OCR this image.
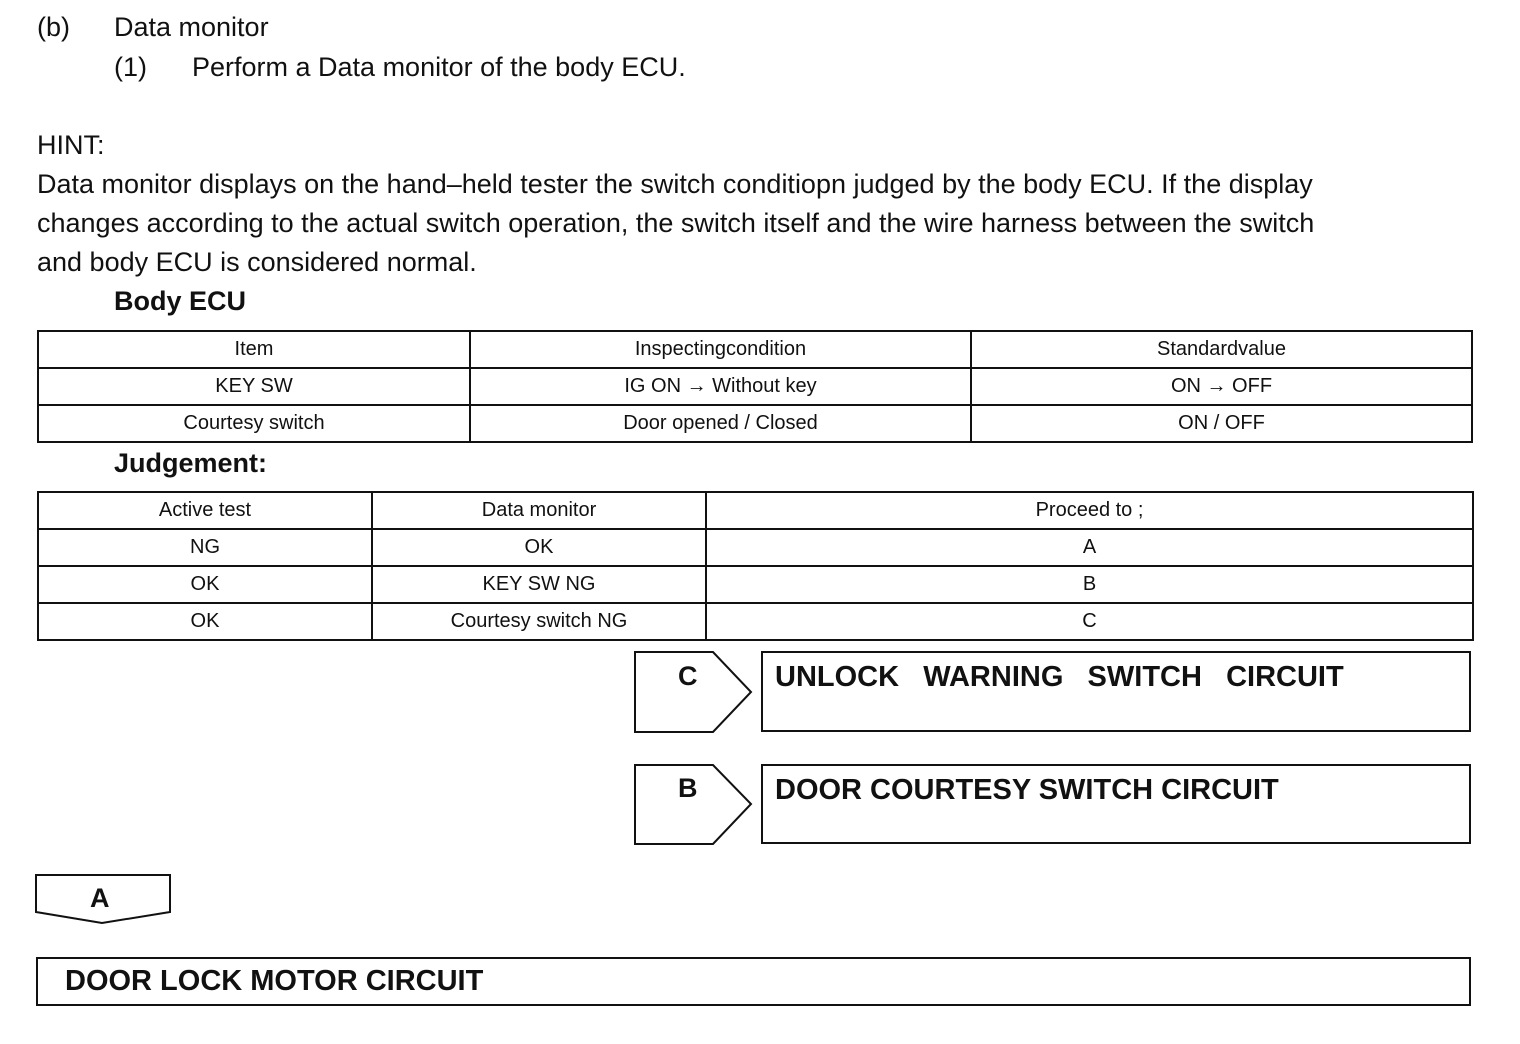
(b) Data monitor
(1) Perform a Data monitor of the body ECU.
HINT:
Data monitor displays on the hand–held tester the switch conditiopn judged by the body ECU. If the display
changes according to the actual switch operation, the switch itself and the wire harness between the switch
and body ECU is considered normal.
Body ECU
Item	Inspectingcondition	Standardvalue
KEY SW	IG ON → Without key	ON → OFF
Courtesy switch	Door opened / Closed	ON / OFF
Judgement:
Active test	Data monitor	Proceed to ;
NG	OK	A
OK	KEY SW NG	B
OK	Courtesy switch NG	C
C	UNLOCK   WARNING   SWITCH   CIRCUIT
B	DOOR COURTESY SWITCH CIRCUIT
A
DOOR LOCK MOTOR CIRCUIT
